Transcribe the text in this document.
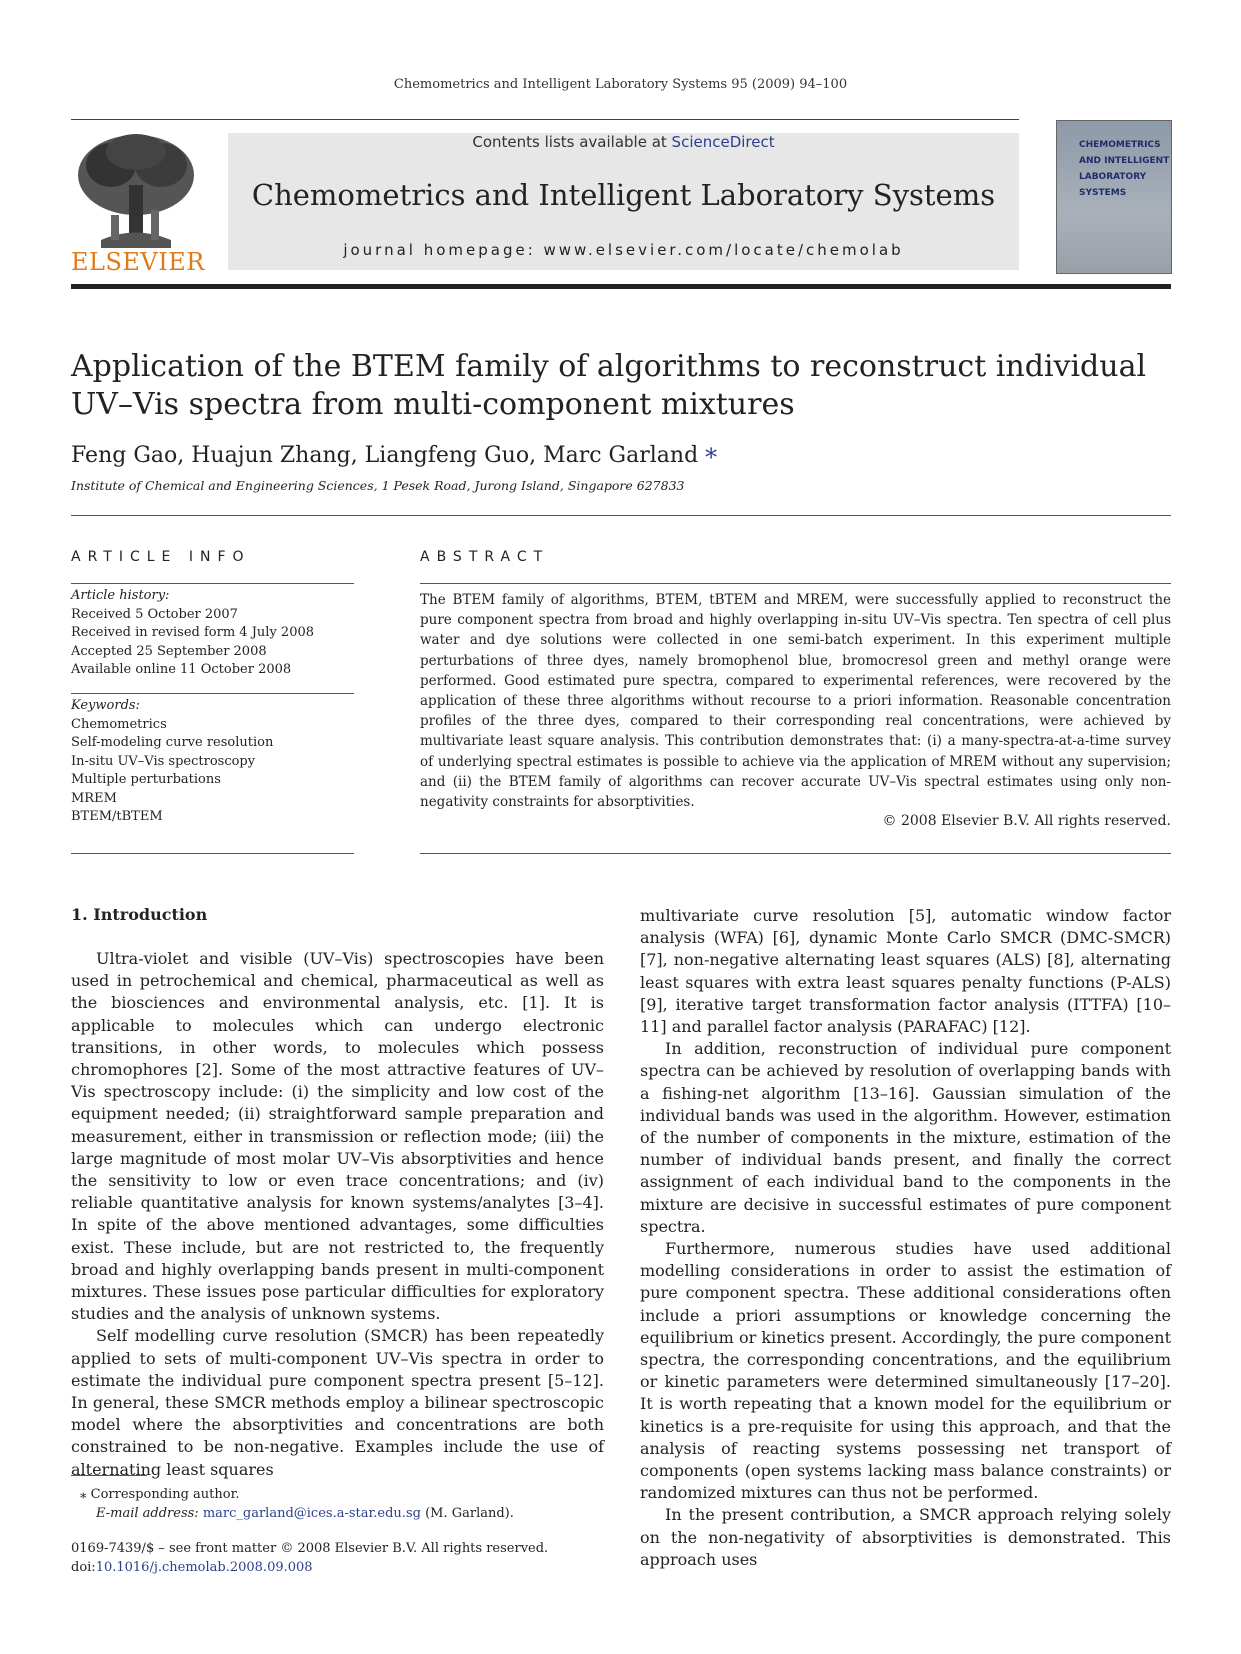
Chemometrics and Intelligent Laboratory Systems 95 (2009) 94–100
ELSEVIER
Contents lists available at ScienceDirect
Chemometrics and Intelligent Laboratory Systems
journal homepage: www.elsevier.com/locate/chemolab
CHEMOMETRICS
AND INTELLIGENT
LABORATORY
SYSTEMS
Application of the BTEM family of algorithms to reconstruct individual UV–Vis spectra from multi-component mixtures
Feng Gao, Huajun Zhang, Liangfeng Guo, Marc Garland ⁎
Institute of Chemical and Engineering Sciences, 1 Pesek Road, Jurong Island, Singapore 627833
ARTICLE INFO
Article history:
Received 5 October 2007
Received in revised form 4 July 2008
Accepted 25 September 2008
Available online 11 October 2008
Keywords:
Chemometrics
Self-modeling curve resolution
In-situ UV–Vis spectroscopy
Multiple perturbations
MREM
BTEM/tBTEM
ABSTRACT
The BTEM family of algorithms, BTEM, tBTEM and MREM, were successfully applied to reconstruct the pure component spectra from broad and highly overlapping in-situ UV–Vis spectra. Ten spectra of cell plus water and dye solutions were collected in one semi-batch experiment. In this experiment multiple perturbations of three dyes, namely bromophenol blue, bromocresol green and methyl orange were performed. Good estimated pure spectra, compared to experimental references, were recovered by the application of these three algorithms without recourse to a priori information. Reasonable concentration profiles of the three dyes, compared to their corresponding real concentrations, were achieved by multivariate least square analysis. This contribution demonstrates that: (i) a many-spectra-at-a-time survey of underlying spectral estimates is possible to achieve via the application of MREM without any supervision; and (ii) the BTEM family of algorithms can recover accurate UV–Vis spectral estimates using only non-negativity constraints for absorptivities.
© 2008 Elsevier B.V. All rights reserved.
1. Introduction

Ultra-violet and visible (UV–Vis) spectroscopies have been used in petrochemical and chemical, pharmaceutical as well as the biosciences and environmental analysis, etc. [1]. It is applicable to molecules which can undergo electronic transitions, in other words, to molecules which possess chromophores [2]. Some of the most attractive features of UV–Vis spectroscopy include: (i) the simplicity and low cost of the equipment needed; (ii) straightforward sample preparation and measurement, either in transmission or reflection mode; (iii) the large magnitude of most molar UV–Vis absorptivities and hence the sensitivity to low or even trace concentrations; and (iv) reliable quantitative analysis for known systems/analytes [3–4]. In spite of the above mentioned advantages, some difficulties exist. These include, but are not restricted to, the frequently broad and highly overlapping bands present in multi-component mixtures. These issues pose particular difficulties for exploratory studies and the analysis of unknown systems.

Self modelling curve resolution (SMCR) has been repeatedly applied to sets of multi-component UV–Vis spectra in order to estimate the individual pure component spectra present [5–12]. In general, these SMCR methods employ a bilinear spectroscopic model where the absorptivities and concentrations are both constrained to be non-negative. Examples include the use of alternating least squares

multivariate curve resolution [5], automatic window factor analysis (WFA) [6], dynamic Monte Carlo SMCR (DMC-SMCR) [7], non-negative alternating least squares (ALS) [8], alternating least squares with extra least squares penalty functions (P-ALS) [9], iterative target transformation factor analysis (ITTFA) [10–11] and parallel factor analysis (PARAFAC) [12].

In addition, reconstruction of individual pure component spectra can be achieved by resolution of overlapping bands with a fishing-net algorithm [13–16]. Gaussian simulation of the individual bands was used in the algorithm. However, estimation of the number of components in the mixture, estimation of the number of individual bands present, and finally the correct assignment of each individual band to the components in the mixture are decisive in successful estimates of pure component spectra.

Furthermore, numerous studies have used additional modelling considerations in order to assist the estimation of pure component spectra. These additional considerations often include a priori assumptions or knowledge concerning the equilibrium or kinetics present. Accordingly, the pure component spectra, the corresponding concentrations, and the equilibrium or kinetic parameters were determined simultaneously [17–20]. It is worth repeating that a known model for the equilibrium or kinetics is a pre-requisite for using this approach, and that the analysis of reacting systems possessing net transport of components (open systems lacking mass balance constraints) or randomized mixtures can thus not be performed.

In the present contribution, a SMCR approach relying solely on the non-negativity of absorptivities is demonstrated. This approach uses

⁎ Corresponding author.
E-mail address: marc_garland@ices.a-star.edu.sg (M. Garland).
0169-7439/$ – see front matter © 2008 Elsevier B.V. All rights reserved.
doi:10.1016/j.chemolab.2008.09.008
